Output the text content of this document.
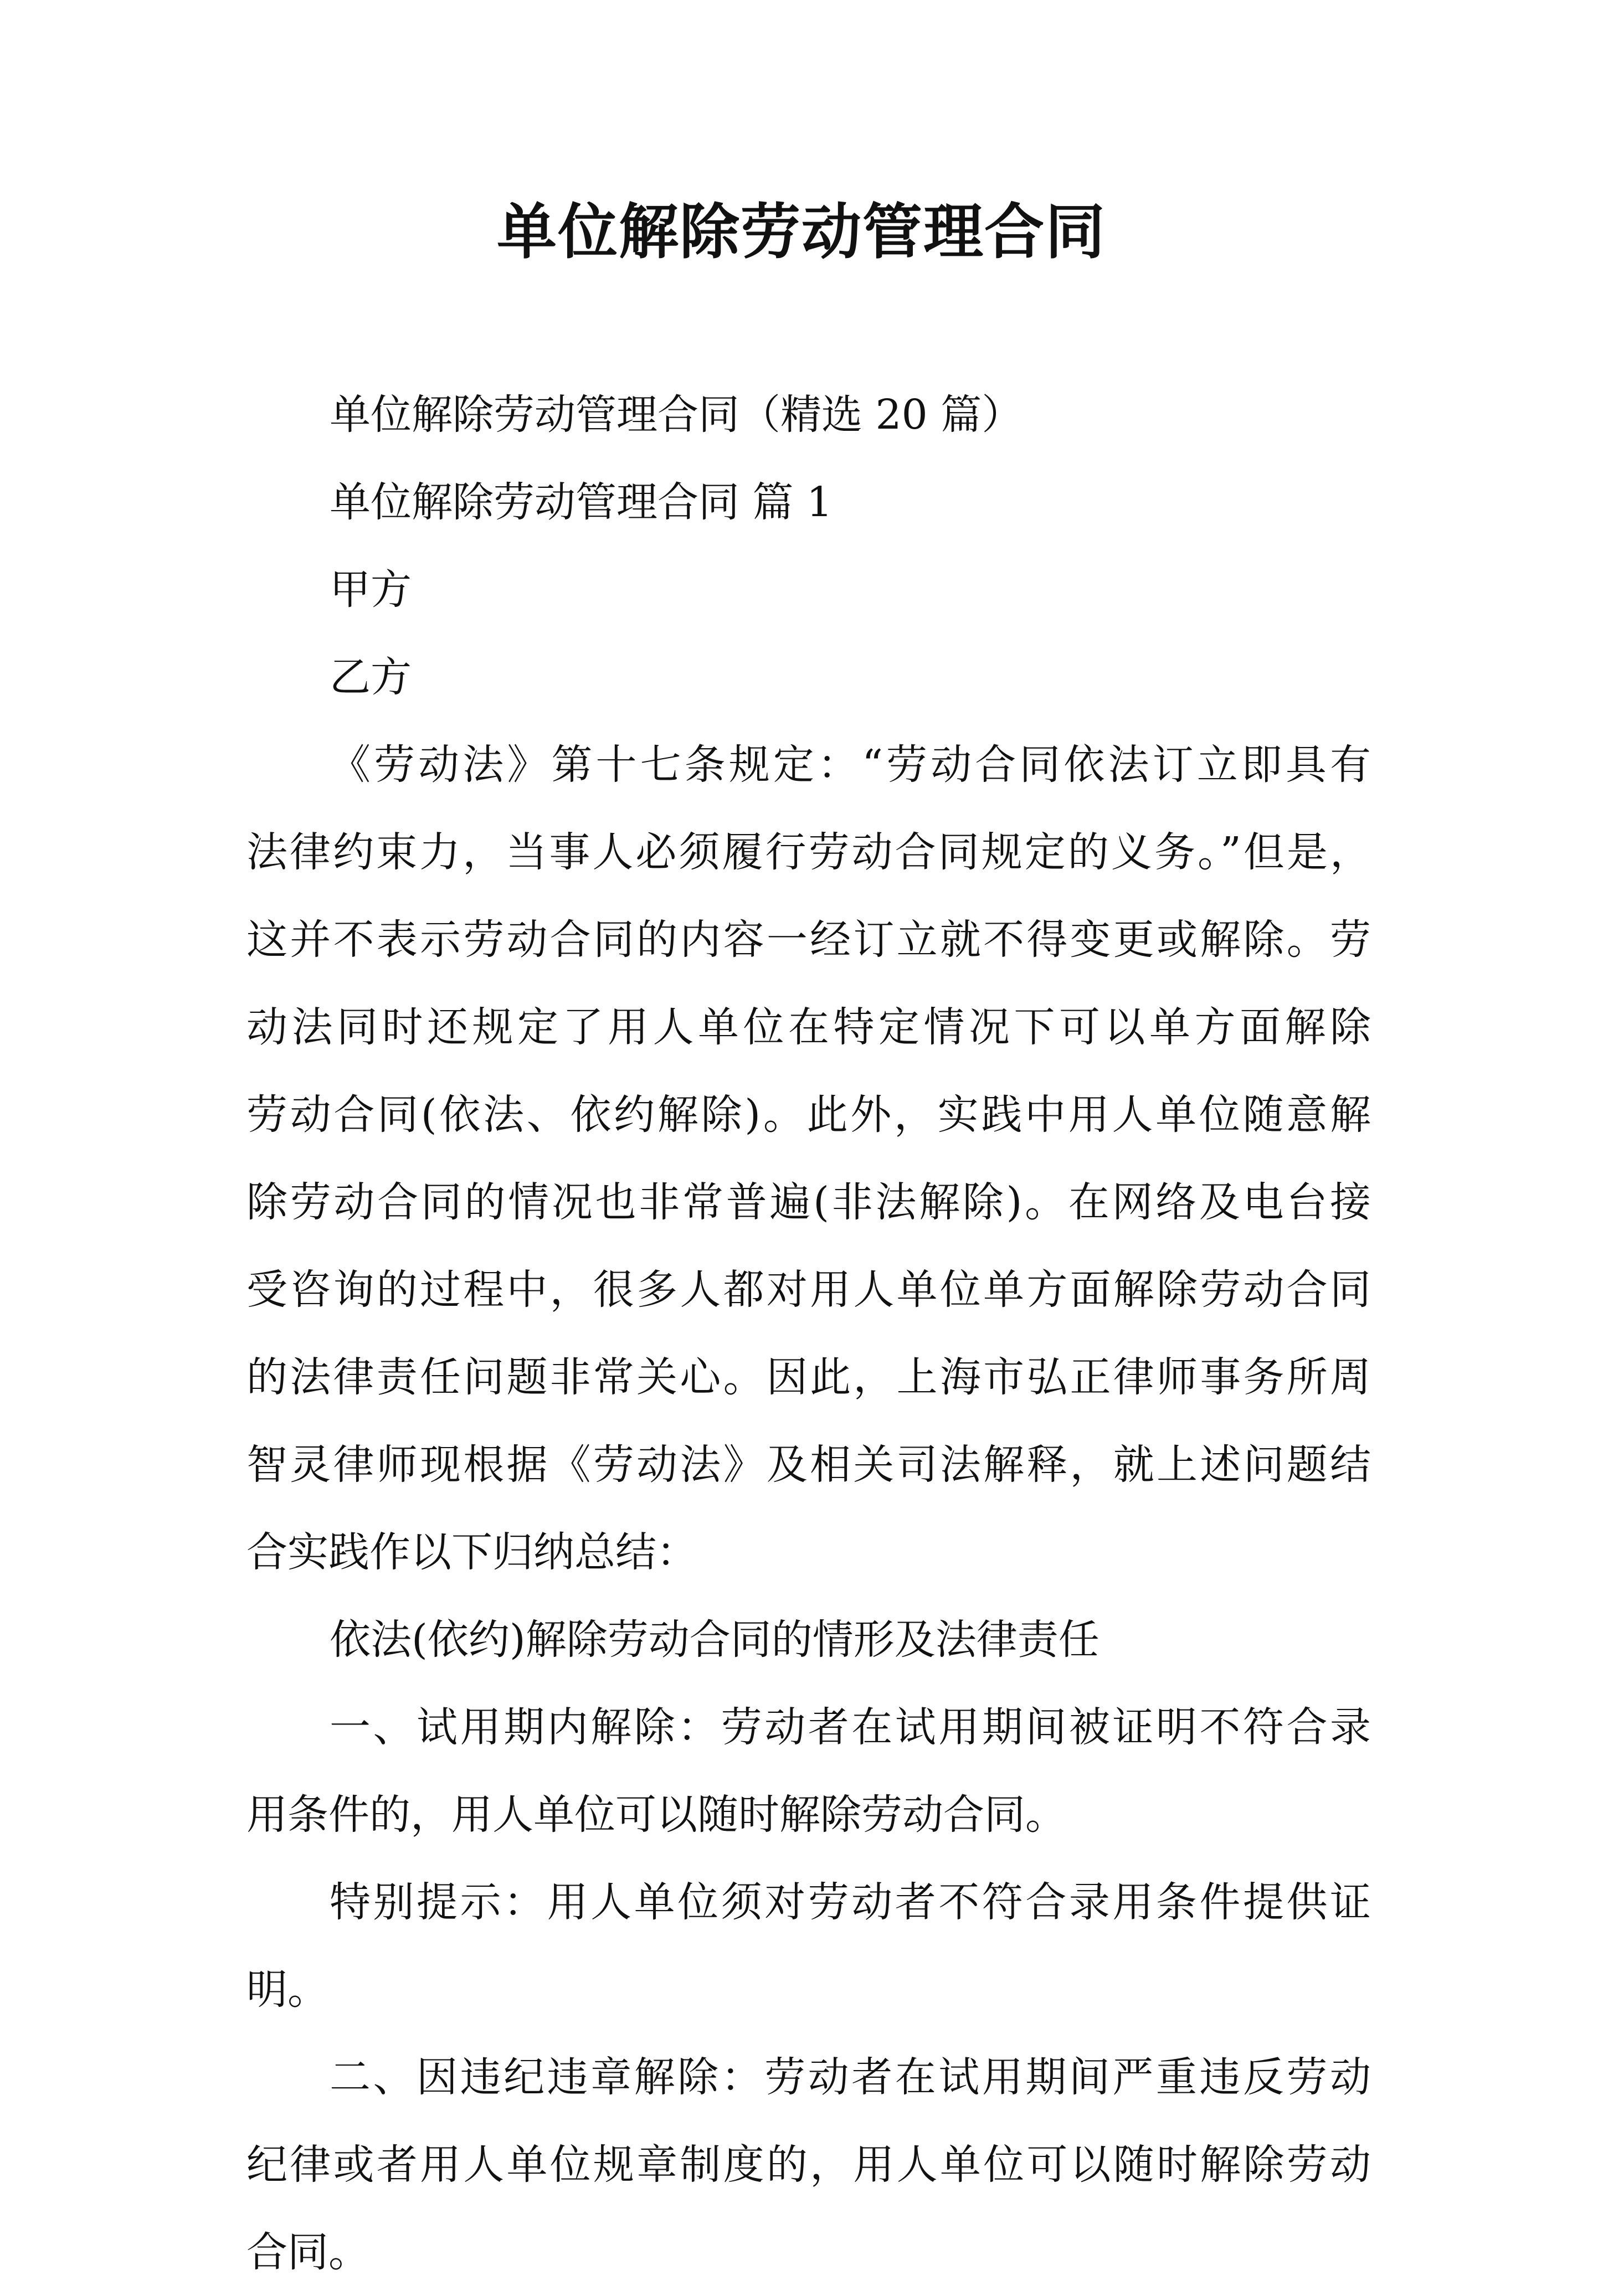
单位解除劳动管理合同
单位解除劳动管理合同（精选 20 篇）
单位解除劳动管理合同 篇 1
甲方
乙方
《劳动法》第十七条规定：“劳动合同依法订立即具有
法律约束力，当事人必须履行劳动合同规定的义务。”但是，
这并不表示劳动合同的内容一经订立就不得变更或解除。劳
动法同时还规定了用人单位在特定情况下可以单方面解除
劳动合同(依法、依约解除)。此外，实践中用人单位随意解
除劳动合同的情况也非常普遍(非法解除)。在网络及电台接
受咨询的过程中，很多人都对用人单位单方面解除劳动合同
的法律责任问题非常关心。因此，上海市弘正律师事务所周
智灵律师现根据《劳动法》及相关司法解释，就上述问题结
合实践作以下归纳总结：
依法(依约)解除劳动合同的情形及法律责任
一、试用期内解除：劳动者在试用期间被证明不符合录
用条件的，用人单位可以随时解除劳动合同。
特别提示：用人单位须对劳动者不符合录用条件提供证
明。
二、因违纪违章解除：劳动者在试用期间严重违反劳动
纪律或者用人单位规章制度的，用人单位可以随时解除劳动
合同。
